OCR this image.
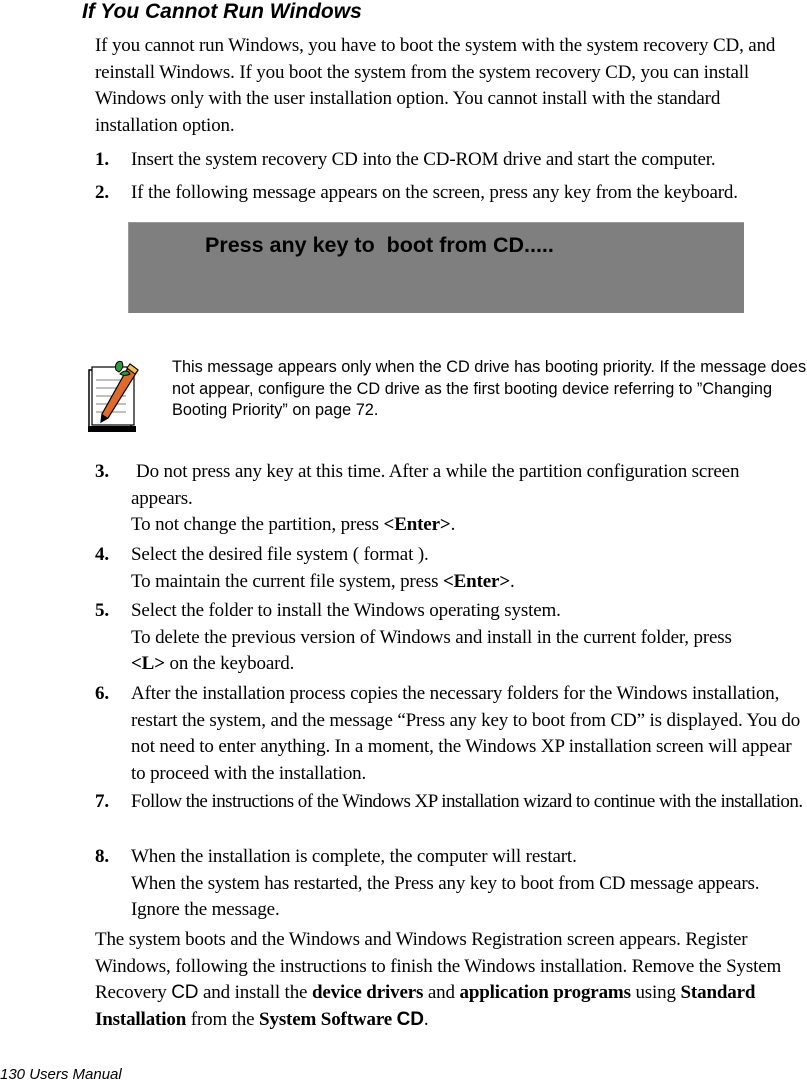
If You Cannot Run Windows

If you cannot run Windows, you have to boot the system with the system recovery CD, and reinstall Windows. If you boot the system from the system recovery CD, you can install Windows only with the user installation option. You cannot install with the standard installation option.

1. Insert the system recovery CD into the CD-ROM drive and start the computer.
2. If the following message appears on the screen, press any key from the keyboard.
Press any key to  boot from CD.....

This message appears only when the CD drive has booting priority. If the message does not appear, configure the CD drive as the first booting device referring to ”Changing Booting Priority” on page 72.

3.	Do not press any key at this time. After a while the partition configuration screen
appears.
To not change the partition, press <Enter>.
4. Select the desired file system ( format ).
To maintain the current file system, press <Enter>.
5. Select the folder to install the Windows operating system.
To delete the previous version of Windows and install in the current folder, press
<L> on the keyboard.
6. After the installation process copies the necessary folders for the Windows installation, restart the system, and the message “Press any key to boot from CD” is displayed. You do not need to enter anything. In a moment, the Windows XP installation screen will appear to proceed with the installation.
7. Follow the instructions of the Windows XP installation wizard to continue with the installation.
8. When the installation is complete, the computer will restart.
When the system has restarted, the Press any key to boot from CD message appears. Ignore the message.

The system boots and the Windows and Windows Registration screen appears. Register Windows, following the instructions to finish the Windows installation. Remove the System Recovery CD and install the device drivers and application programs using Standard Installation from the System Software CD.

130 Users Manual
